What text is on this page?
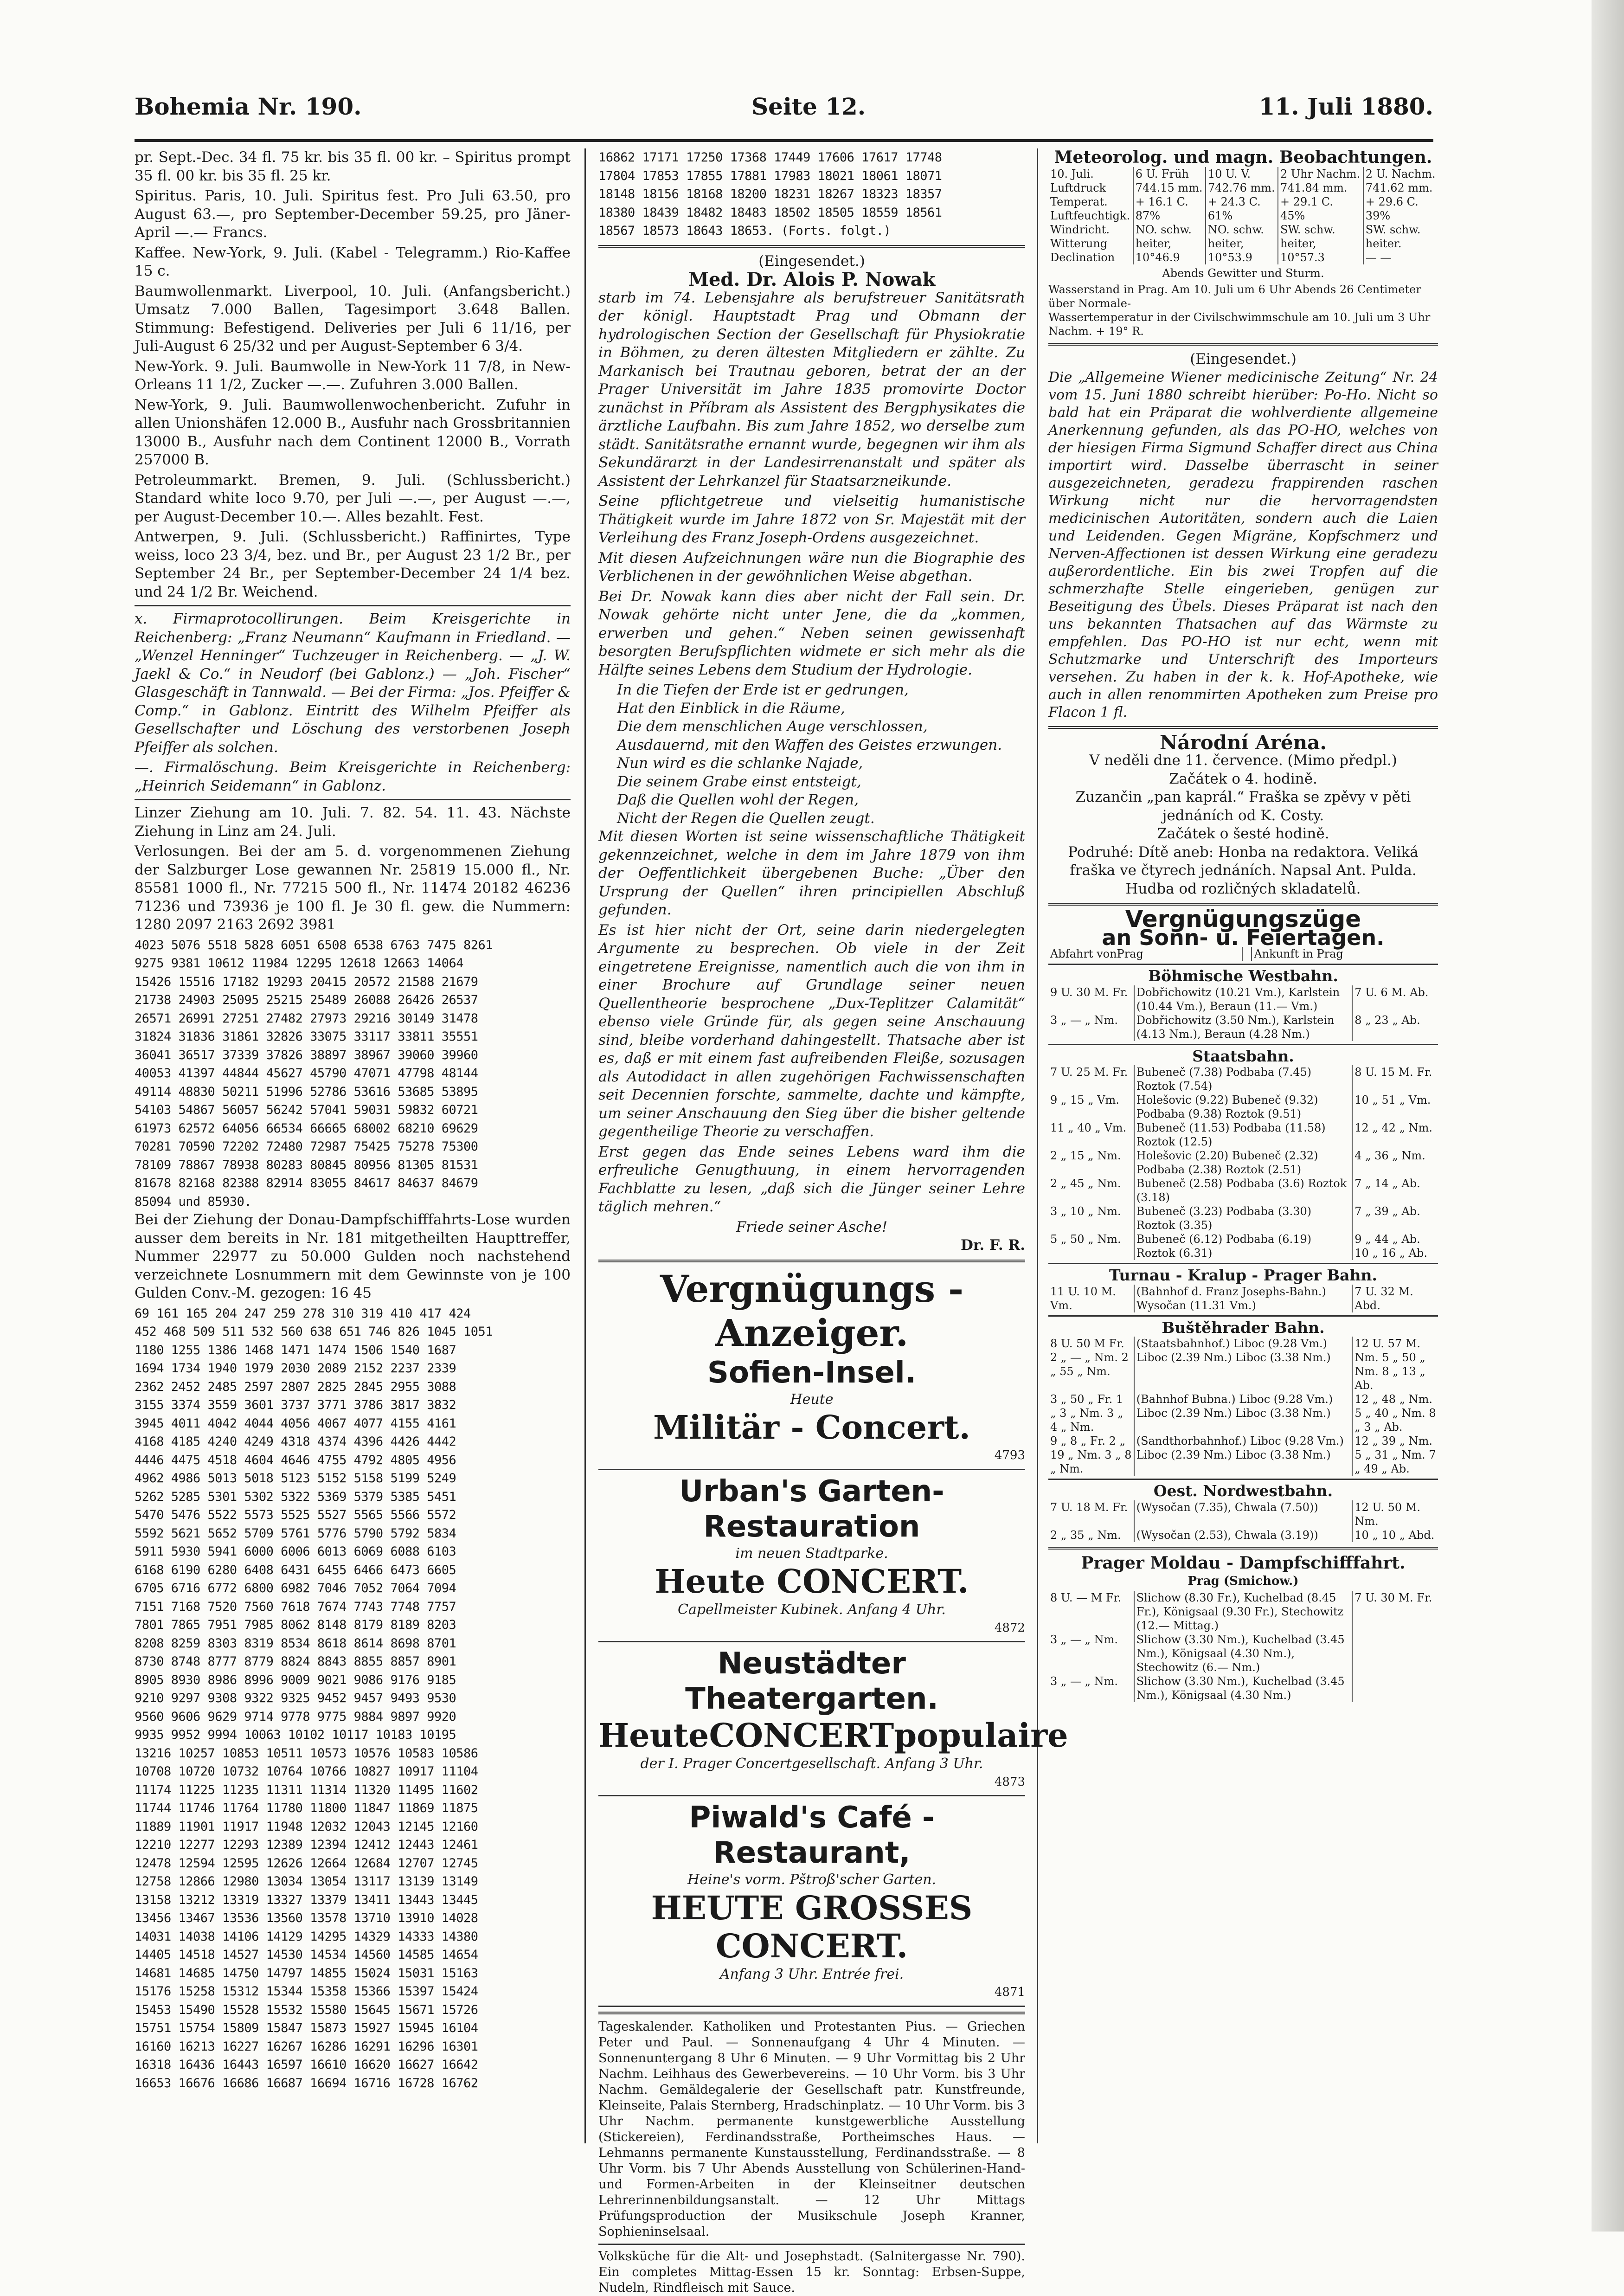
Bohemia Nr. 190.	Seite 12.	11. Juli 1880.

pr. Sept.-Dec. 34 fl. 75 kr. bis 35 fl. 00 kr. – Spiritus prompt 35 fl. 00 kr. bis 35 fl. 25 kr.

Spiritus. Paris, 10. Juli. Spiritus fest. Pro Juli 63.50, pro August 63.—, pro September-December 59.25, pro Jäner-April —.— Francs.

Kaffee. New-York, 9. Juli. (Kabel - Telegramm.) Rio-Kaffee 15 c.

Baumwollenmarkt. Liverpool, 10. Juli. (Anfangsbericht.) Umsatz 7.000 Ballen, Tagesimport 3.648 Ballen. Stimmung: Befestigend. Deliveries per Juli 6 11/16, per Juli-August 6 25/32 und per August-September 6 3/4.

New-York. 9. Juli. Baumwolle in New-York 11 7/8, in New-Orleans 11 1/2, Zucker —.—. Zufuhren 3.000 Ballen.

New-York, 9. Juli. Baumwollenwochenbericht. Zufuhr in allen Unionshäfen 12.000 B., Ausfuhr nach Grossbritannien 13000 B., Ausfuhr nach dem Continent 12000 B., Vorrath 257000 B.

Petroleummarkt. Bremen, 9. Juli. (Schlussbericht.) Standard white loco 9.70, per Juli —.—, per August —.—, per August-December 10.—. Alles bezahlt. Fest.

Antwerpen, 9. Juli. (Schlussbericht.) Raffinirtes, Type weiss, loco 23 3/4, bez. und Br., per August 23 1/2 Br., per September 24 Br., per September-December 24 1/4 bez. und 24 1/2 Br. Weichend.

x. Firmaprotocollirungen. Beim Kreisgerichte in Reichenberg: „Franz Neumann“ Kaufmann in Friedland. — „Wenzel Henninger“ Tuchzeuger in Reichenberg. — „J. W. Jaekl & Co.“ in Neudorf (bei Gablonz.) — „Joh. Fischer“ Glasgeschäft in Tannwald. — Bei der Firma: „Jos. Pfeiffer & Comp.“ in Gablonz. Eintritt des Wilhelm Pfeiffer als Gesellschafter und Löschung des verstorbenen Joseph Pfeiffer als solchen.

—. Firmalöschung. Beim Kreisgerichte in Reichenberg: „Heinrich Seidemann“ in Gablonz.

Linzer Ziehung am 10. Juli. 7. 82. 54. 11. 43. Nächste Ziehung in Linz am 24. Juli.

Verlosungen. Bei der am 5. d. vorgenommenen Ziehung der Salzburger Lose gewannen Nr. 25819 15.000 fl., Nr. 85581 1000 fl., Nr. 77215 500 fl., Nr. 11474 20182 46236 71236 und 73936 je 100 fl. Je 30 fl. gew. die Nummern: 1280 2097 2163 2692 3981

4023 5076 5518 5828 6051 6508 6538 6763 7475 8261
9275 9381 10612 11984 12295 12618 12663 14064
15426 15516 17182 19293 20415 20572 21588 21679
21738 24903 25095 25215 25489 26088 26426 26537
26571 26991 27251 27482 27973 29216 30149 31478
31824 31836 31861 32826 33075 33117 33811 35551
36041 36517 37339 37826 38897 38967 39060 39960
40053 41397 44844 45627 45790 47071 47798 48144
49114 48830 50211 51996 52786 53616 53685 53895
54103 54867 56057 56242 57041 59031 59832 60721
61973 62572 64056 66534 66665 68002 68210 69629
70281 70590 72202 72480 72987 75425 75278 75300
78109 78867 78938 80283 80845 80956 81305 81531
81678 82168 82388 82914 83055 84617 84637 84679
85094 und 85930.

Bei der Ziehung der Donau-Dampfschifffahrts-Lose wurden ausser dem bereits in Nr. 181 mitgetheilten Haupttreffer, Nummer 22977 zu 50.000 Gulden noch nachstehend verzeichnete Losnummern mit dem Gewinnste von je 100 Gulden Conv.-M. gezogen: 16 45

69 161 165 204 247 259 278 310 319 410 417 424
452 468 509 511 532 560 638 651 746 826 1045 1051
1180 1255 1386 1468 1471 1474 1506 1540 1687
1694 1734 1940 1979 2030 2089 2152 2237 2339
2362 2452 2485 2597 2807 2825 2845 2955 3088
3155 3374 3559 3601 3737 3771 3786 3817 3832
3945 4011 4042 4044 4056 4067 4077 4155 4161
4168 4185 4240 4249 4318 4374 4396 4426 4442
4446 4475 4518 4604 4646 4755 4792 4805 4956
4962 4986 5013 5018 5123 5152 5158 5199 5249
5262 5285 5301 5302 5322 5369 5379 5385 5451
5470 5476 5522 5573 5525 5527 5565 5566 5572
5592 5621 5652 5709 5761 5776 5790 5792 5834
5911 5930 5941 6000 6006 6013 6069 6088 6103
6168 6190 6280 6408 6431 6455 6466 6473 6605
6705 6716 6772 6800 6982 7046 7052 7064 7094
7151 7168 7520 7560 7618 7674 7743 7748 7757
7801 7865 7951 7985 8062 8148 8179 8189 8203
8208 8259 8303 8319 8534 8618 8614 8698 8701
8730 8748 8777 8779 8824 8843 8855 8857 8901
8905 8930 8986 8996 9009 9021 9086 9176 9185
9210 9297 9308 9322 9325 9452 9457 9493 9530
9560 9606 9629 9714 9778 9775 9884 9897 9920
9935 9952 9994 10063 10102 10117 10183 10195
13216 10257 10853 10511 10573 10576 10583 10586
10708 10720 10732 10764 10766 10827 10917 11104
11174 11225 11235 11311 11314 11320 11495 11602
11744 11746 11764 11780 11800 11847 11869 11875
11889 11901 11917 11948 12032 12043 12145 12160
12210 12277 12293 12389 12394 12412 12443 12461
12478 12594 12595 12626 12664 12684 12707 12745
12758 12866 12980 13034 13054 13117 13139 13149
13158 13212 13319 13327 13379 13411 13443 13445
13456 13467 13536 13560 13578 13710 13910 14028
14031 14038 14106 14129 14295 14329 14333 14380
14405 14518 14527 14530 14534 14560 14585 14654
14681 14685 14750 14797 14855 15024 15031 15163
15176 15258 15312 15344 15358 15366 15397 15424
15453 15490 15528 15532 15580 15645 15671 15726
15751 15754 15809 15847 15873 15927 15945 16104
16160 16213 16227 16267 16286 16291 16296 16301
16318 16436 16443 16597 16610 16620 16627 16642
16653 16676 16686 16687 16694 16716 16728 16762
16862 17171 17250 17368 17449 17606 17617 17748
17804 17853 17855 17881 17983 18021 18061 18071
18148 18156 18168 18200 18231 18267 18323 18357
18380 18439 18482 18483 18502 18505 18559 18561
18567 18573 18643 18653. (Forts. folgt.)
(Eingesendet.)
Med. Dr. Alois P. Nowak

starb im 74. Lebensjahre als berufstreuer Sanitätsrath der königl. Hauptstadt Prag und Obmann der hydrologischen Section der Gesellschaft für Physiokratie in Böhmen, zu deren ältesten Mitgliedern er zählte. Zu Markanisch bei Trautnau geboren, betrat der an der Prager Universität im Jahre 1835 promovirte Doctor zunächst in Příbram als Assistent des Bergphysikates die ärztliche Laufbahn. Bis zum Jahre 1852, wo derselbe zum städt. Sanitätsrathe ernannt wurde, begegnen wir ihm als Sekundärarzt in der Landesirrenanstalt und später als Assistent der Lehrkanzel für Staatsarzneikunde.

Seine pflichtgetreue und vielseitig humanistische Thätigkeit wurde im Jahre 1872 von Sr. Majestät mit der Verleihung des Franz Joseph-Ordens ausgezeichnet.

Mit diesen Aufzeichnungen wäre nun die Biographie des Verblichenen in der gewöhnlichen Weise abgethan.

Bei Dr. Nowak kann dies aber nicht der Fall sein. Dr. Nowak gehörte nicht unter Jene, die da „kommen, erwerben und gehen.“ Neben seinen gewissenhaft besorgten Berufspflichten widmete er sich mehr als die Hälfte seines Lebens dem Studium der Hydrologie.

In die Tiefen der Erde ist er gedrungen,
Hat den Einblick in die Räume,
Die dem menschlichen Auge verschlossen,
Ausdauernd, mit den Waffen des Geistes erzwungen.
Nun wird es die schlanke Najade,
Die seinem Grabe einst entsteigt,
Daß die Quellen wohl der Regen,
Nicht der Regen die Quellen zeugt.

Mit diesen Worten ist seine wissenschaftliche Thätigkeit gekennzeichnet, welche in dem im Jahre 1879 von ihm der Oeffentlichkeit übergebenen Buche: „Über den Ursprung der Quellen“ ihren principiellen Abschluß gefunden.

Es ist hier nicht der Ort, seine darin niedergelegten Argumente zu besprechen. Ob viele in der Zeit eingetretene Ereignisse, namentlich auch die von ihm in einer Brochure auf Grundlage seiner neuen Quellentheorie besprochene „Dux-Teplitzer Calamität“ ebenso viele Gründe für, als gegen seine Anschauung sind, bleibe vorderhand dahingestellt. Thatsache aber ist es, daß er mit einem fast aufreibenden Fleiße, sozusagen als Autodidact in allen zugehörigen Fachwissenschaften seit Decennien forschte, sammelte, dachte und kämpfte, um seiner Anschauung den Sieg über die bisher geltende gegentheilige Theorie zu verschaffen.

Erst gegen das Ende seines Lebens ward ihm die erfreuliche Genugthuung, in einem hervorragenden Fachblatte zu lesen, „daß sich die Jünger seiner Lehre täglich mehren.“

Friede seiner Asche!
Dr. F. R.
Vergnügungs - Anzeiger.
Sofien-Insel.
Heute
Militär - Concert.
4793
Urban's Garten-Restauration
im neuen Stadtparke.
Heute CONCERT.
Capellmeister Kubinek. Anfang 4 Uhr.
4872
Neustädter Theatergarten.
HeuteCONCERTpopulaire
der I. Prager Concertgesellschaft. Anfang 3 Uhr.
4873
Piwald's Café - Restaurant,
Heine's vorm. Pštroß'scher Garten.
HEUTE GROSSES CONCERT.
Anfang 3 Uhr. Entrée frei.
4871

Tageskalender. Katholiken und Protestanten Pius. — Griechen Peter und Paul. — Sonnenaufgang 4 Uhr 4 Minuten. — Sonnenuntergang 8 Uhr 6 Minuten. — 9 Uhr Vormittag bis 2 Uhr Nachm. Leihhaus des Gewerbevereins. — 10 Uhr Vorm. bis 3 Uhr Nachm. Gemäldegalerie der Gesellschaft patr. Kunstfreunde, Kleinseite, Palais Sternberg, Hradschinplatz. — 10 Uhr Vorm. bis 3 Uhr Nachm. permanente kunstgewerbliche Ausstellung (Stickereien), Ferdinandsstraße, Portheimsches Haus. — Lehmanns permanente Kunstausstellung, Ferdinandsstraße. — 8 Uhr Vorm. bis 7 Uhr Abends Ausstellung von Schülerinen-Hand- und Formen-Arbeiten in der Kleinseitner deutschen Lehrerinnenbildungsanstalt. — 12 Uhr Mittags Prüfungsproduction der Musikschule Joseph Kranner, Sophieninselsaal.

Volksküche für die Alt- und Josephstadt. (Salnitergasse Nr. 790). Ein completes Mittag-Essen 15 kr. Sonntag: Erbsen-Suppe, Nudeln, Rindfleisch mit Sauce.

Meteorolog. und magn. Beobachtungen.
10. Juli.	6 U. Früh	10 U. V.	2 Uhr Nachm.	2 U. Nachm.
Luftdruck	744.15 mm.	742.76 mm.	741.84 mm.	741.62 mm.
Temperat.	+ 16.1 C.	+ 24.3 C.	+ 29.1 C.	+ 29.6 C.
Luftfeuchtigk.	87%	61%	45%	39%
Windricht.	NO. schw.	NO. schw.	SW. schw.	SW. schw.
Witterung	heiter,	heiter,	heiter,	heiter.
Declination	10°46.9	10°53.9	10°57.3	— —
Abends Gewitter und Sturm.
Wasserstand in Prag. Am 10. Juli um 6 Uhr Abends 26 Centimeter über Normale-
Wassertemperatur in der Civilschwimmschule am 10. Juli um 3 Uhr Nachm. + 19° R.
(Eingesendet.)

Die „Allgemeine Wiener medicinische Zeitung“ Nr. 24 vom 15. Juni 1880 schreibt hierüber: Po-Ho. Nicht so bald hat ein Präparat die wohlverdiente allgemeine Anerkennung gefunden, als das PO-HO, welches von der hiesigen Firma Sigmund Schaffer direct aus China importirt wird. Dasselbe überrascht in seiner ausgezeichneten, geradezu frappirenden raschen Wirkung nicht nur die hervorragendsten medicinischen Autoritäten, sondern auch die Laien und Leidenden. Gegen Migräne, Kopfschmerz und Nerven-Affectionen ist dessen Wirkung eine geradezu außerordentliche. Ein bis zwei Tropfen auf die schmerzhafte Stelle eingerieben, genügen zur Beseitigung des Übels. Dieses Präparat ist nach den uns bekannten Thatsachen auf das Wärmste zu empfehlen. Das PO-HO ist nur echt, wenn mit Schutzmarke und Unterschrift des Importeurs versehen. Zu haben in der k. k. Hof-Apotheke, wie auch in allen renommirten Apotheken zum Preise pro Flacon 1 fl.

Národní Aréna.
V neděli dne 11. července. (Mimo předpl.)
Začátek o 4. hodině.
Zuzančin „pan kaprál.“ Fraška se zpěvy v pěti jednáních od K. Costy.
Začátek o šesté hodině.
Podruhé: Dítě aneb: Honba na redaktora. Veliká fraška ve čtyrech jednáních. Napsal Ant. Pulda. Hudba od rozličných skladatelů.
Vergnügungszüge
an Sonn- u. Feiertagen.
Abfahrt vonPrag		Ankunft in Prag
Böhmische Westbahn.
9 U. 30 M. Fr.	Dobřichowitz (10.21 Vm.), Karlstein (10.44 Vm.), Beraun (11.— Vm.)	7 U. 6 M. Ab.
3 „ — „ Nm.	Dobřichowitz (3.50 Nm.), Karlstein (4.13 Nm.), Beraun (4.28 Nm.)	8 „ 23 „ Ab.
Staatsbahn.
7 U. 25 M. Fr.	Bubeneč (7.38) Podbaba (7.45) Roztok (7.54)	8 U. 15 M. Fr.
9 „ 15 „ Vm.	Holešovic (9.22) Bubeneč (9.32) Podbaba (9.38) Roztok (9.51)	10 „ 51 „ Vm.
11 „ 40 „ Vm.	Bubeneč (11.53) Podbaba (11.58) Roztok (12.5)	12 „ 42 „ Nm.
2 „ 15 „ Nm.	Holešovic (2.20) Bubeneč (2.32) Podbaba (2.38) Roztok (2.51)	4 „ 36 „ Nm.
2 „ 45 „ Nm.	Bubeneč (2.58) Podbaba (3.6) Roztok (3.18)	7 „ 14 „ Ab.
3 „ 10 „ Nm.	Bubeneč (3.23) Podbaba (3.30) Roztok (3.35)	7 „ 39 „ Ab.
5 „ 50 „ Nm.	Bubeneč (6.12) Podbaba (6.19) Roztok (6.31)	9 „ 44 „ Ab. 10 „ 16 „ Ab.
Turnau - Kralup - Prager Bahn.
11 U. 10 M. Vm.	(Bahnhof d. Franz Josephs-Bahn.) Wysočan (11.31 Vm.)	7 U. 32 M. Abd.
Buštěhrader Bahn.
8 U. 50 M Fr. 2 „ — „ Nm. 2 „ 55 „ Nm.	(Staatsbahnhof.) Liboc (9.28 Vm.) Liboc (2.39 Nm.) Liboc (3.38 Nm.)	12 U. 57 M. Nm. 5 „ 50 „ Nm. 8 „ 13 „ Ab.
3 „ 50 „ Fr. 1 „ 3 „ Nm. 3 „ 4 „ Nm.	(Bahnhof Bubna.) Liboc (9.28 Vm.) Liboc (2.39 Nm.) Liboc (3.38 Nm.)	12 „ 48 „ Nm. 5 „ 40 „ Nm. 8 „ 3 „ Ab.
9 „ 8 „ Fr. 2 „ 19 „ Nm. 3 „ 8 „ Nm.	(Sandthorbahnhof.) Liboc (9.28 Vm.) Liboc (2.39 Nm.) Liboc (3.38 Nm.)	12 „ 39 „ Nm. 5 „ 31 „ Nm. 7 „ 49 „ Ab.
Oest. Nordwestbahn.
7 U. 18 M. Fr.	(Wysočan (7.35), Chwala (7.50))	12 U. 50 M. Nm.
2 „ 35 „ Nm.	(Wysočan (2.53), Chwala (3.19))	10 „ 10 „ Abd.
Prager Moldau - Dampfschifffahrt.
Prag (Smichow.)
8 U. — M Fr.	Slichow (8.30 Fr.), Kuchelbad (8.45 Fr.), Königsaal (9.30 Fr.), Stechowitz (12.— Mittag.)	7 U. 30 M. Fr.
3 „ — „ Nm.	Slichow (3.30 Nm.), Kuchelbad (3.45 Nm.), Königsaal (4.30 Nm.), Stechowitz (6.— Nm.)	
3 „ — „ Nm.	Slichow (3.30 Nm.), Kuchelbad (3.45 Nm.), Königsaal (4.30 Nm.)	
